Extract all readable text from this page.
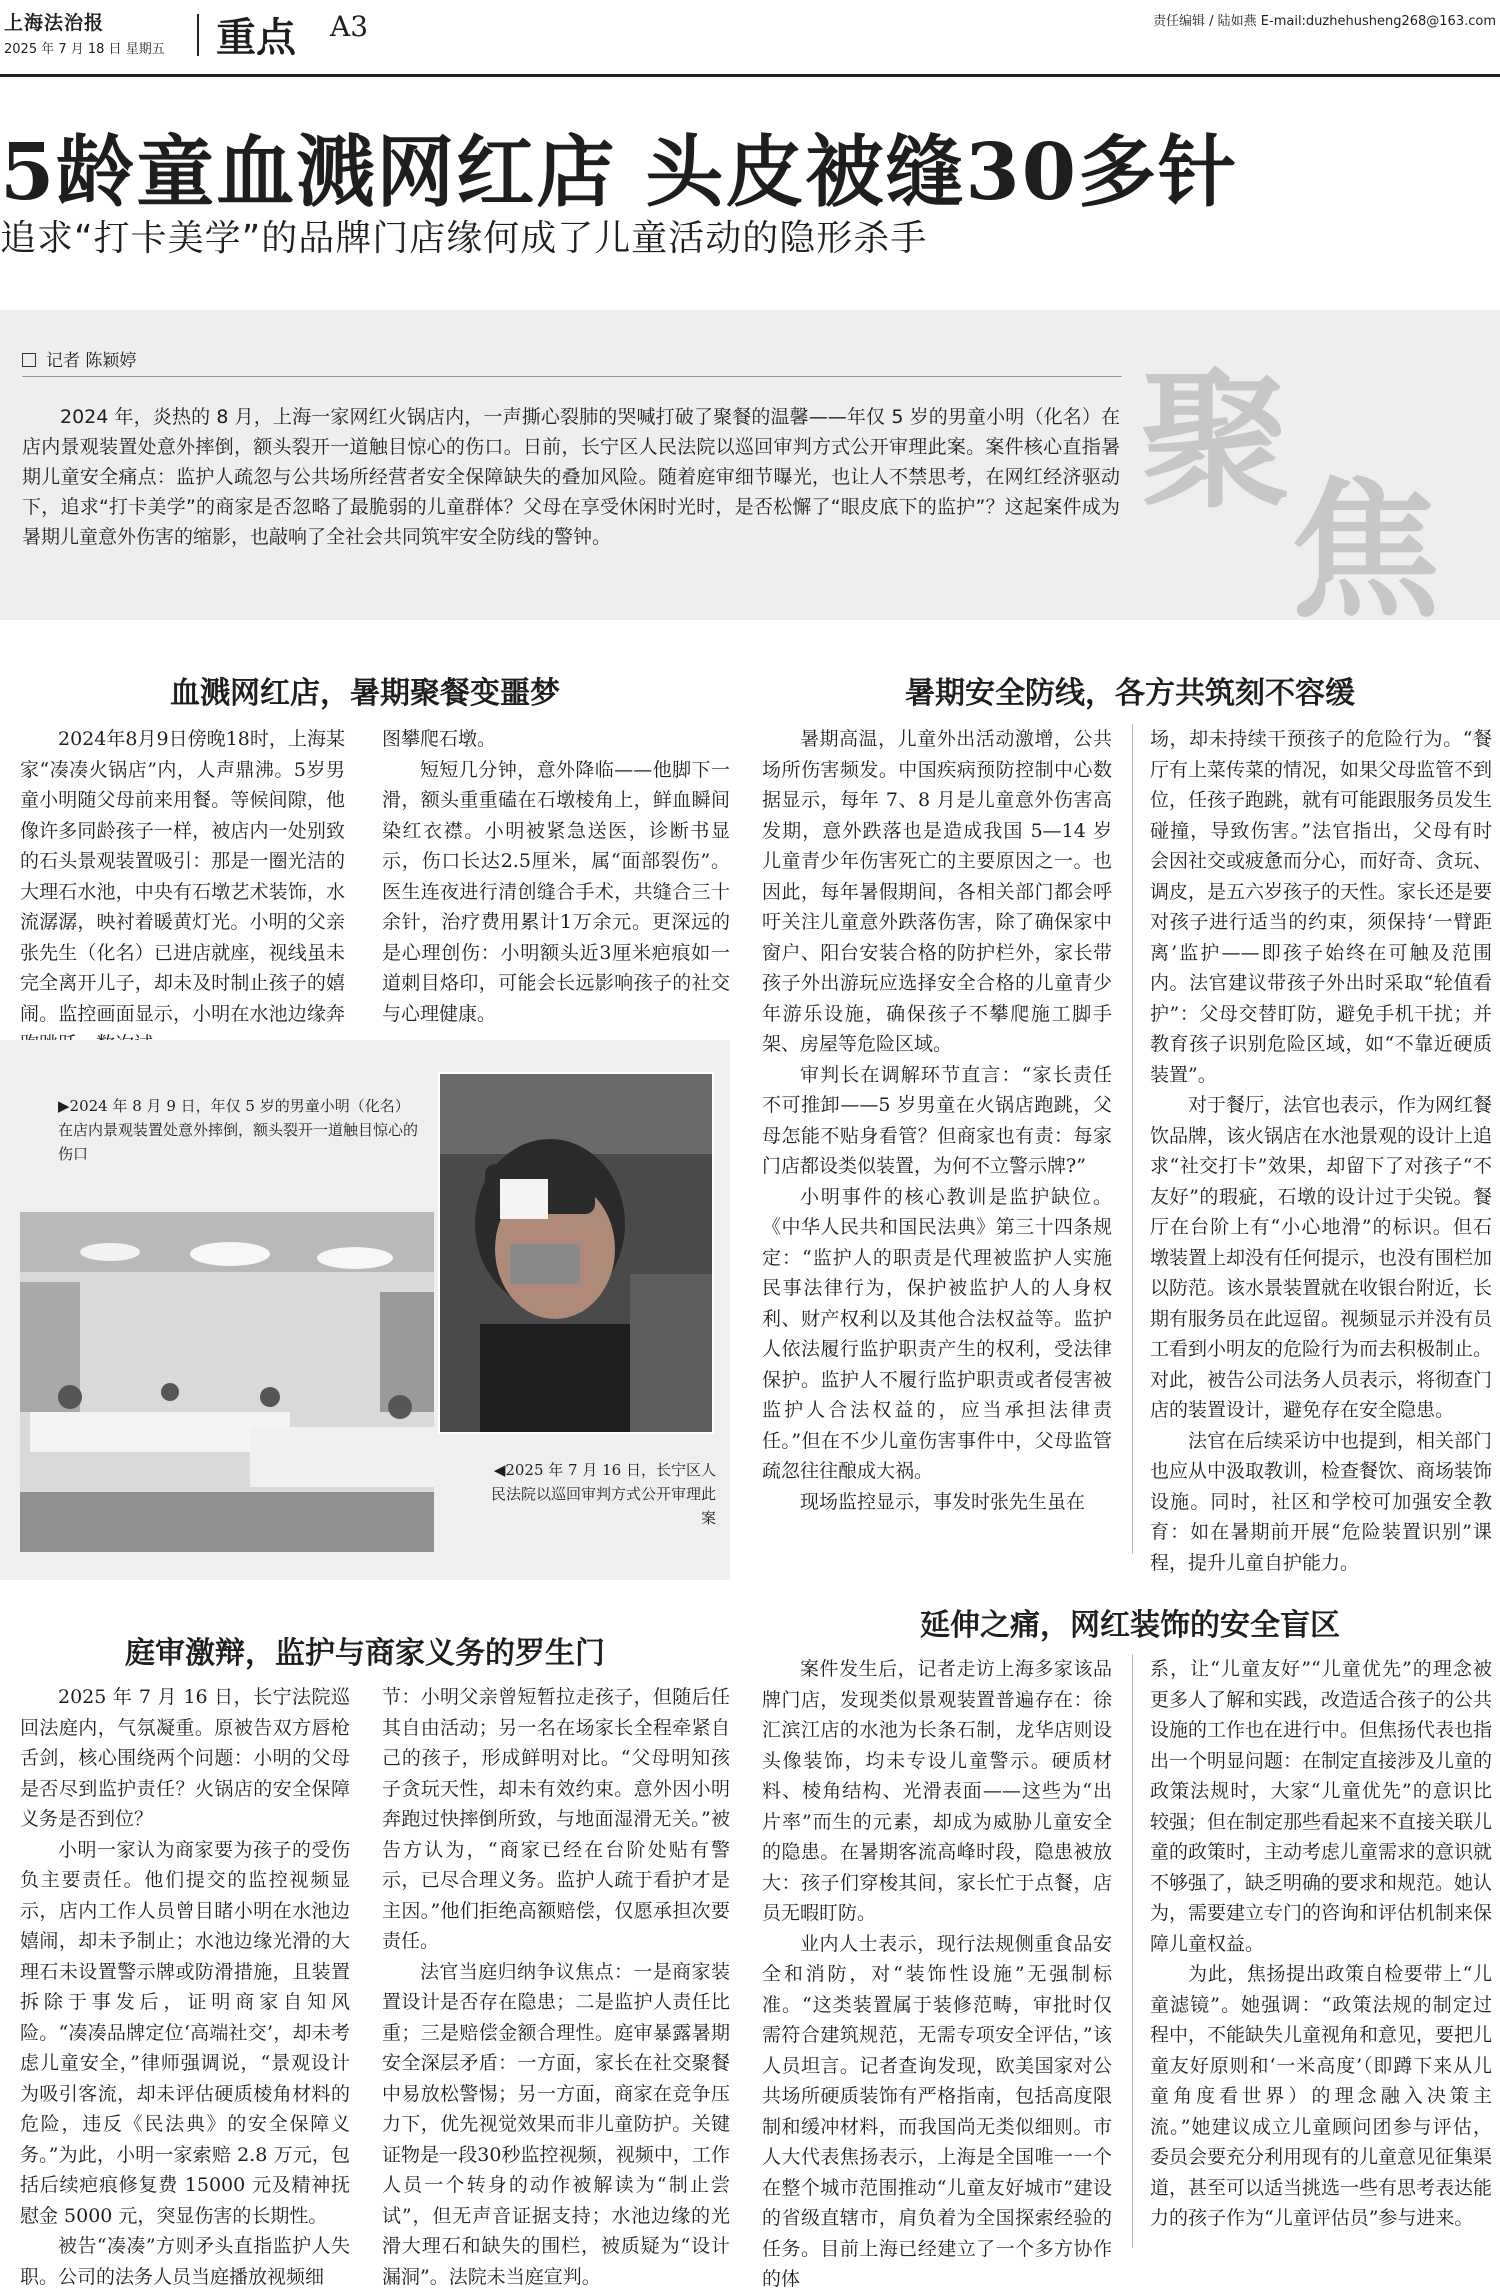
上海法治报
2025 年 7 月 18 日 星期五 重点 A3	责任编辑 / 陆如燕 E-mail:duzhehusheng268@163.com
5龄童血溅网红店 头皮被缝30多针
追求“打卡美学”的品牌门店缘何成了儿童活动的隐形杀手
记者 陈颖婷
2024 年，炎热的 8 月，上海一家网红火锅店内，一声撕心裂肺的哭喊打破了聚餐的温馨——年仅 5 岁的男童小明（化名）在店内景观装置处意外摔倒，额头裂开一道触目惊心的伤口。日前，长宁区人民法院以巡回审判方式公开审理此案。案件核心直指暑期儿童安全痛点：监护人疏忽与公共场所经营者安全保障缺失的叠加风险。随着庭审细节曝光，也让人不禁思考，在网红经济驱动下，追求“打卡美学”的商家是否忽略了最脆弱的儿童群体？父母在享受休闲时光时，是否松懈了“眼皮底下的监护”？这起案件成为暑期儿童意外伤害的缩影，也敲响了全社会共同筑牢安全防线的警钟。
聚
焦
血溅网红店，暑期聚餐变噩梦
2024年8月9日傍晚18时，上海某家“凑凑火锅店”内，人声鼎沸。5岁男童小明随父母前来用餐。等候间隙，他像许多同龄孩子一样，被店内一处别致的石头景观装置吸引：那是一圈光洁的大理石水池，中央有石墩艺术装饰，水流潺潺，映衬着暖黄灯光。小明的父亲张先生（化名）已进店就座，视线虽未完全离开儿子，却未及时制止孩子的嬉闹。监控画面显示，小明在水池边缘奔

图攀爬石墩。

短短几分钟，意外降临——他脚下一滑，额头重重磕在石墩棱角上，鲜血瞬间染红衣襟。小明被紧急送医，诊断书显示，伤口长达2.5厘米，属“面部裂伤”。医生连夜进行清创缝合手术，共缝合三十余针，治疗费用累计1万余元。更深远的是心理创伤：小明额头近3厘米疤痕如一道刺目烙印，可能会长远影响孩子的社交与心理健康。

▶2024 年 8 月 9 日，年仅 5 岁的男童小明（化名）在店内景观装置处意外摔倒，额头裂开一道触目惊心的伤口
◀2025 年 7 月 16 日，长宁区人民法院以巡回审判方式公开审理此案
暑期安全防线，各方共筑刻不容缓

暑期高温，儿童外出活动激增，公共场所伤害频发。中国疾病预防控制中心数据显示，每年 7、8 月是儿童意外伤害高发期，意外跌落也是造成我国 5—14 岁儿童青少年伤害死亡的主要原因之一。也因此，每年暑假期间，各相关部门都会呼吁关注儿童意外跌落伤害，除了确保家中窗户、阳台安装合格的防护栏外，家长带孩子外出游玩应选择安全合格的儿童青少年游乐设施，确保孩子不攀爬施工脚手架、房屋等危险区域。

审判长在调解环节直言：“家长责任不可推卸——5 岁男童在火锅店跑跳，父母怎能不贴身看管？但商家也有责：每家门店都设类似装置，为何不立警示牌?”

小明事件的核心教训是监护缺位。《中华人民共和国民法典》第三十四条规定：“监护人的职责是代理被监护人实施民事法律行为，保护被监护人的人身权利、财产权利以及其他合法权益等。监护人依法履行监护职责产生的权利，受法律保护。监护人不履行监护职责或者侵害被监护人合法权益的，应当承担法律责任。”但在不少儿童伤害事件中，父母监管疏忽往往酿成大祸。

现场监控显示，事发时张先生虽在

场，却未持续干预孩子的危险行为。“餐厅有上菜传菜的情况，如果父母监管不到位，任孩子跑跳，就有可能跟服务员发生碰撞，导致伤害。”法官指出，父母有时会因社交或疲惫而分心，而好奇、贪玩、调皮，是五六岁孩子的天性。家长还是要对孩子进行适当的约束，须保持‘一臂距离’监护——即孩子始终在可触及范围内。法官建议带孩子外出时采取“轮值看护”：父母交替盯防，避免手机干扰；并教育孩子识别危险区域，如“不靠近硬质装置”。

对于餐厅，法官也表示，作为网红餐饮品牌，该火锅店在水池景观的设计上追求“社交打卡”效果，却留下了对孩子“不友好”的瑕疵，石墩的设计过于尖锐。餐厅在台阶上有“小心地滑”的标识。但石墩装置上却没有任何提示，也没有围栏加以防范。该水景装置就在收银台附近，长期有服务员在此逗留。视频显示并没有员工看到小明友的危险行为而去积极制止。对此，被告公司法务人员表示，将彻查门店的装置设计，避免存在安全隐患。

法官在后续采访中也提到，相关部门也应从中汲取教训，检查餐饮、商场装饰设施。同时，社区和学校可加强安全教育：如在暑期前开展“危险装置识别”课程，提升儿童自护能力。

庭审激辩，监护与商家义务的罗生门

2025 年 7 月 16 日，长宁法院巡回法庭内，气氛凝重。原被告双方唇枪舌剑，核心围绕两个问题：小明的父母是否尽到监护责任？火锅店的安全保障义务是否到位？

小明一家认为商家要为孩子的受伤负主要责任。他们提交的监控视频显示，店内工作人员曾目睹小明在水池边嬉闹，却未予制止；水池边缘光滑的大理石未设置警示牌或防滑措施，且装置拆除于事发后，证明商家自知风险。“凑凑品牌定位‘高端社交’，却未考虑儿童安全，”律师强调说，“景观设计为吸引客流，却未评估硬质棱角材料的危险，违反《民法典》的安全保障义务。”为此，小明一家索赔 2.8 万元，包括后续疤痕修复费 15000 元及精神抚慰金 5000 元，突显伤害的长期性。

被告“凑凑”方则矛头直指监护人失职。公司的法务人员当庭播放视频细

节：小明父亲曾短暂拉走孩子，但随后任其自由活动；另一名在场家长全程牵紧自己的孩子，形成鲜明对比。“父母明知孩子贪玩天性，却未有效约束。意外因小明奔跑过快摔倒所致，与地面湿滑无关。”被告方认为，“商家已经在台阶处贴有警示，已尽合理义务。监护人疏于看护才是主因。”他们拒绝高额赔偿，仅愿承担次要责任。

法官当庭归纳争议焦点：一是商家装置设计是否存在隐患；二是监护人责任比重；三是赔偿金额合理性。庭审暴露暑期安全深层矛盾：一方面，家长在社交聚餐中易放松警惕；另一方面，商家在竞争压力下，优先视觉效果而非儿童防护。关键证物是一段30秒监控视频，视频中，工作人员一个转身的动作被解读为“制止尝试”，但无声音证据支持；水池边缘的光滑大理石和缺失的围栏，被质疑为“设计漏洞”。法院未当庭宣判。

延伸之痛，网红装饰的安全盲区

案件发生后，记者走访上海多家该品牌门店，发现类似景观装置普遍存在：徐汇滨江店的水池为长条石制，龙华店则设头像装饰，均未专设儿童警示。硬质材料、棱角结构、光滑表面——这些为“出片率”而生的元素，却成为威胁儿童安全的隐患。在暑期客流高峰时段，隐患被放大：孩子们穿梭其间，家长忙于点餐，店员无暇盯防。

业内人士表示，现行法规侧重食品安全和消防，对“装饰性设施”无强制标准。“这类装置属于装修范畴，审批时仅需符合建筑规范，无需专项安全评估，”该人员坦言。记者查询发现，欧美国家对公共场所硬质装饰有严格指南，包括高度限制和缓冲材料，而我国尚无类似细则。市人大代表焦扬表示，上海是全国唯一一个在整个城市范围推动“儿童友好城市”建设的省级直辖市，肩负着为全国探索经验的任务。目前上海已经建立了一个多方协作的体

系，让“儿童友好”“儿童优先”的理念被更多人了解和实践，改造适合孩子的公共设施的工作也在进行中。但焦扬代表也指出一个明显问题：在制定直接涉及儿童的政策法规时，大家“儿童优先”的意识比较强；但在制定那些看起来不直接关联儿童的政策时，主动考虑儿童需求的意识就不够强了，缺乏明确的要求和规范。她认为，需要建立专门的咨询和评估机制来保障儿童权益。

为此，焦扬提出政策自检要带上“儿童滤镜”。她强调：“政策法规的制定过程中，不能缺失儿童视角和意见，要把儿童友好原则和‘一米高度’（即蹲下来从儿童角度看世界）的理念融入决策主流。”她建议成立儿童顾问团参与评估，委员会要充分利用现有的儿童意见征集渠道，甚至可以适当挑选一些有思考表达能力的孩子作为“儿童评估员”参与进来。
